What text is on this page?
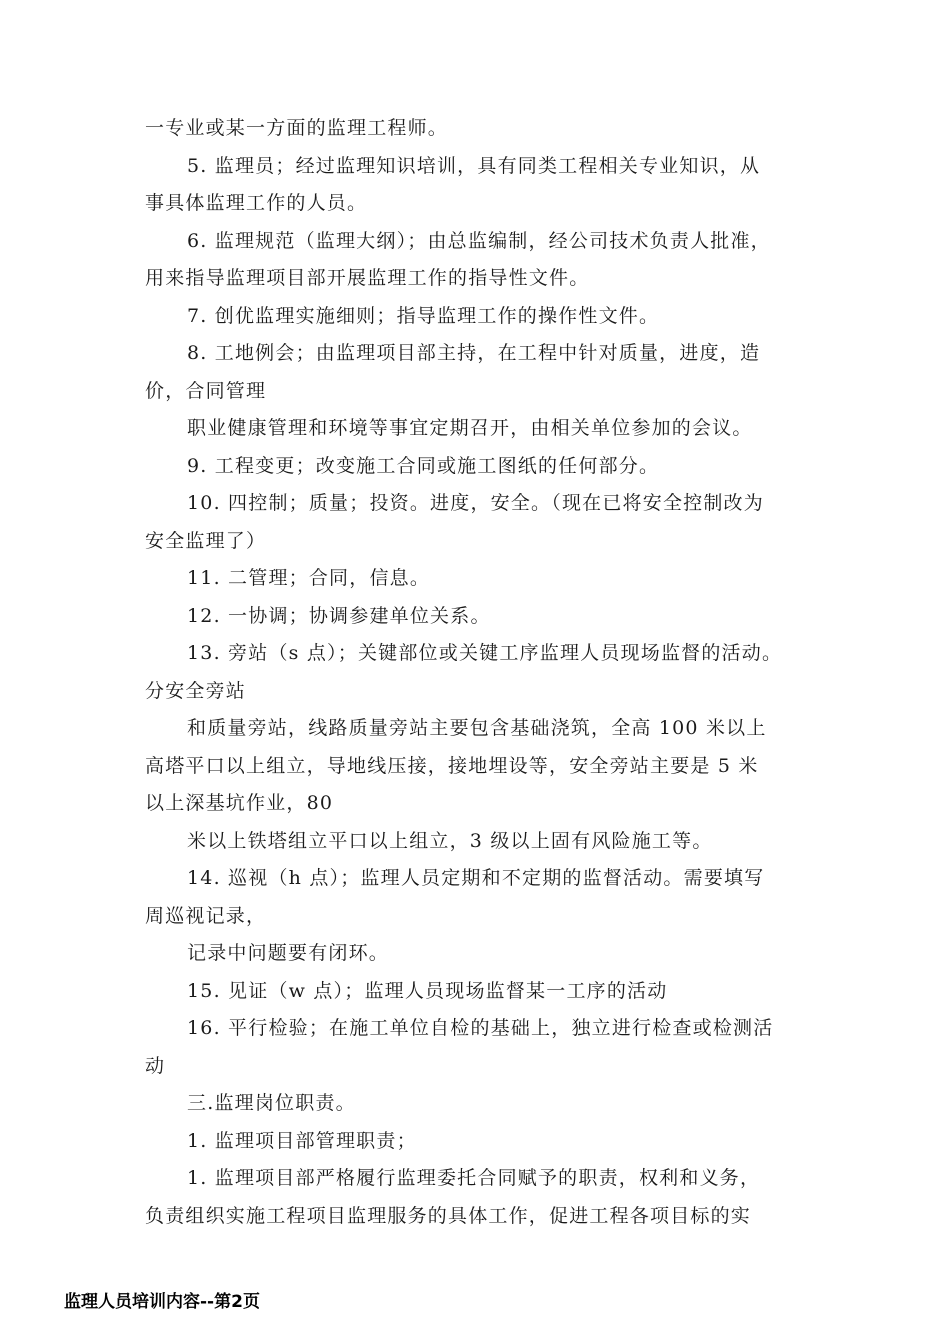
一专业或某一方面的监理工程师。
5. 监理员；经过监理知识培训，具有同类工程相关专业知识，从
事具体监理工作的人员。
6. 监理规范（监理大纲）；由总监编制，经公司技术负责人批准，
用来指导监理项目部开展监理工作的指导性文件。
7. 创优监理实施细则；指导监理工作的操作性文件。
8. 工地例会；由监理项目部主持，在工程中针对质量，进度，造
价，合同管理
职业健康管理和环境等事宜定期召开，由相关单位参加的会议。
9. 工程变更；改变施工合同或施工图纸的任何部分。
10. 四控制；质量；投资。进度，安全。（现在已将安全控制改为
安全监理了）
11. 二管理；合同，信息。
12. 一协调；协调参建单位关系。
13. 旁站（s 点）；关键部位或关键工序监理人员现场监督的活动。
分安全旁站
和质量旁站，线路质量旁站主要包含基础浇筑，全高 100 米以上
高塔平口以上组立，导地线压接，接地埋设等，安全旁站主要是 5 米
以上深基坑作业，80
米以上铁塔组立平口以上组立，3 级以上固有风险施工等。
14. 巡视（h 点）；监理人员定期和不定期的监督活动。需要填写
周巡视记录，
记录中问题要有闭环。
15. 见证（w 点）；监理人员现场监督某一工序的活动
16. 平行检验；在施工单位自检的基础上，独立进行检查或检测活
动
三.监理岗位职责。
1. 监理项目部管理职责；
1. 监理项目部严格履行监理委托合同赋予的职责，权利和义务，
负责组织实施工程项目监理服务的具体工作，促进工程各项目标的实
监理人员培训内容--第2页
